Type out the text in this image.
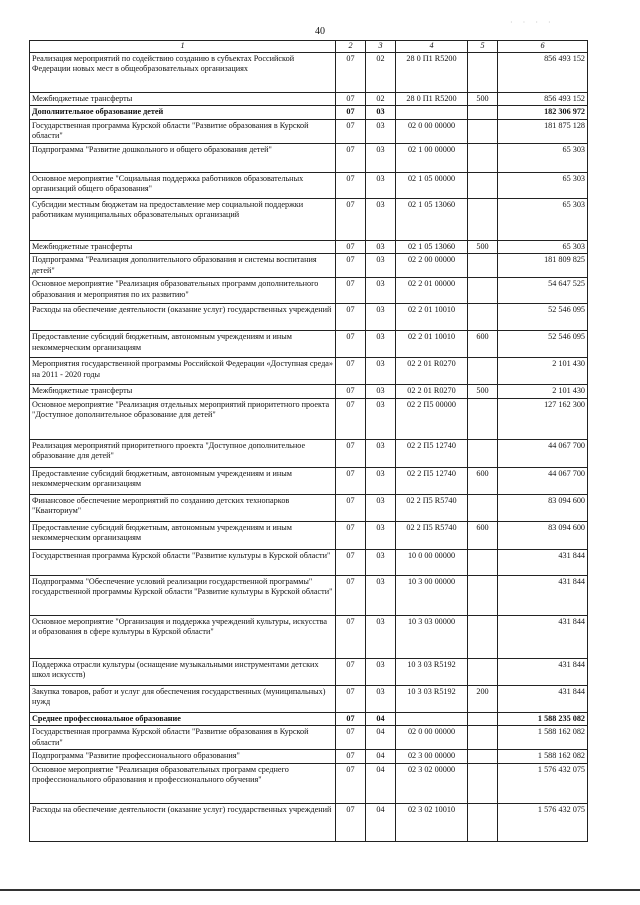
· · · ·
40
1	2	3	4	5	6
Реализация мероприятий по содействию созданию в субъектах Российской Федерации новых мест в общеобразовательных организациях	07	02	28 0 П1 R5200		856 493 152
Межбюджетные трансферты	07	02	28 0 П1 R5200	500	856 493 152
Дополнительное образование детей	07	03			182 306 972
Государственная программа Курской области "Развитие образования в Курской области"	07	03	02 0 00 00000		181 875 128
Подпрограмма "Развитие дошкольного и общего образования детей"	07	03	02 1 00 00000		65 303
Основное мероприятие "Социальная поддержка работников образовательных организаций общего образования"	07	03	02 1 05 00000		65 303
Субсидии местным бюджетам на предоставление мер социальной поддержки работникам муниципальных образовательных организаций	07	03	02 1 05 13060		65 303
Межбюджетные трансферты	07	03	02 1 05 13060	500	65 303
Подпрограмма "Реализация дополнительного образования и системы воспитания детей"	07	03	02 2 00 00000		181 809 825
Основное мероприятие "Реализация образовательных программ дополнительного образования и мероприятия по их развитию"	07	03	02 2 01 00000		54 647 525
Расходы на обеспечение деятельности (оказание услуг) государственных учреждений	07	03	02 2 01 10010		52 546 095
Предоставление субсидий бюджетным, автономным учреждениям и иным некоммерческим организациям	07	03	02 2 01 10010	600	52 546 095
Мероприятия государственной программы Российской Федерации «Доступная среда» на 2011 - 2020 годы	07	03	02 2 01 R0270		2 101 430
Межбюджетные трансферты	07	03	02 2 01 R0270	500	2 101 430
Основное мероприятие "Реализация отдельных мероприятий приоритетного проекта "Доступное дополнительное образование для детей"	07	03	02 2 П5 00000		127 162 300
Реализация мероприятий приоритетного проекта "Доступное дополнительное образование для детей"	07	03	02 2 П5 12740		44 067 700
Предоставление субсидий бюджетным, автономным учреждениям и иным некоммерческим организациям	07	03	02 2 П5 12740	600	44 067 700
Финансовое обеспечение мероприятий по созданию детских технопарков "Кванториум"	07	03	02 2 П5 R5740		83 094 600
Предоставление субсидий бюджетным, автономным учреждениям и иным некоммерческим организациям	07	03	02 2 П5 R5740	600	83 094 600
Государственная программа Курской области "Развитие культуры в Курской области"	07	03	10 0 00 00000		431 844
Подпрограмма "Обеспечение условий реализации государственной программы" государственной программы Курской области "Развитие культуры в Курской области"	07	03	10 3 00 00000		431 844
Основное мероприятие "Организация и поддержка учреждений культуры, искусства и образования в сфере культуры в Курской области"	07	03	10 3 03 00000		431 844
Поддержка отрасли культуры (оснащение музыкальными инструментами детских школ искусств)	07	03	10 3 03 R5192		431 844
Закупка товаров, работ и услуг для обеспечения государственных (муниципальных) нужд	07	03	10 3 03 R5192	200	431 844
Среднее профессиональное образование	07	04			1 588 235 082
Государственная программа Курской области "Развитие образования в Курской области"	07	04	02 0 00 00000		1 588 162 082
Подпрограмма "Развитие профессионального образования"	07	04	02 3 00 00000		1 588 162 082
Основное мероприятие "Реализация образовательных программ среднего профессионального образования и профессионального обучения"	07	04	02 3 02 00000		1 576 432 075
Расходы на обеспечение деятельности (оказание услуг) государственных учреждений	07	04	02 3 02 10010		1 576 432 075
